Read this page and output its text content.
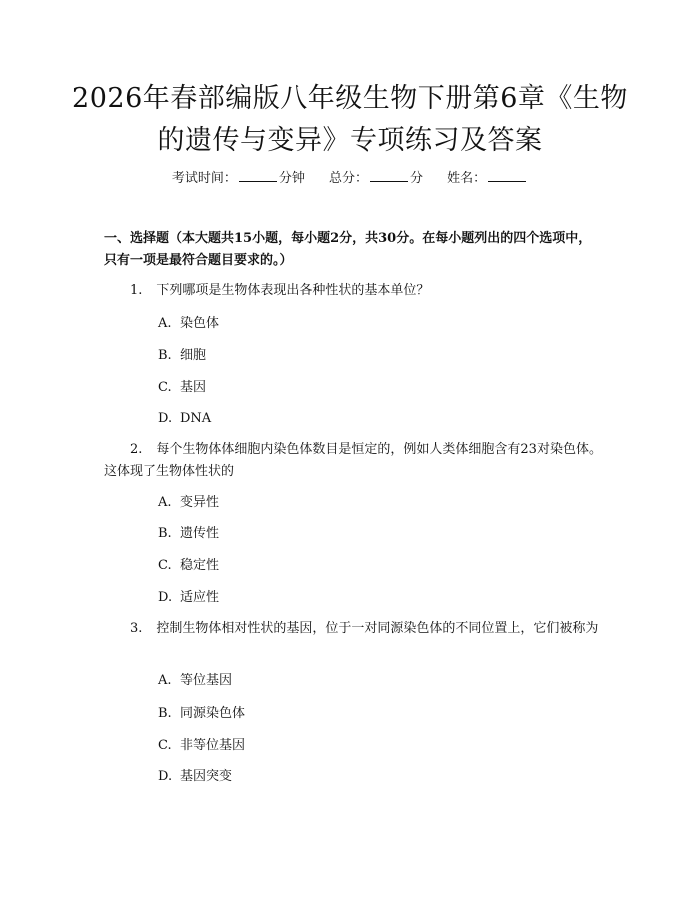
2026年春部编版八年级生物下册第6章《生物的遗传与变异》专项练习及答案
考试时间：	分钟 总分：	分 姓名：
一、选择题（本大题共15小题，每小题2分，共30分。在每小题列出的四个选项中，只有一项是最符合题目要求的。）
1. 下列哪项是生物体表现出各种性状的基本单位？
A. 染色体
B. 细胞
C. 基因
D. DNA
2. 每个生物体体细胞内染色体数目是恒定的，例如人类体细胞含有23对染色体。这体现了生物体性状的
A. 变异性
B. 遗传性
C. 稳定性
D. 适应性
3. 控制生物体相对性状的基因，位于一对同源染色体的不同位置上，它们被称为
A. 等位基因
B. 同源染色体
C. 非等位基因
D. 基因突变
